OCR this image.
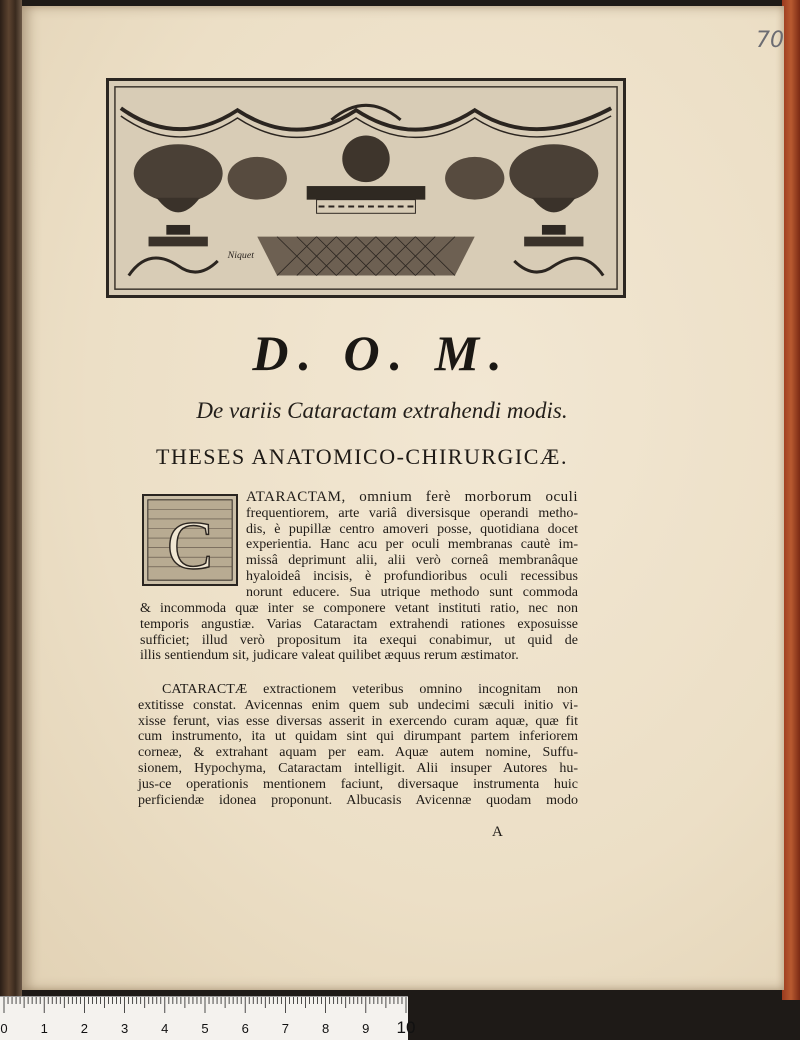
70
Niquet
D. O. M.
De variis Cataractam extrahendi modis.
THESES ANATOMICO-CHIRURGICÆ.
C
ATARACTAM, omnium ferè morborum oculi
frequentiorem, arte variâ diversisque operandi metho-
dis, è pupillæ centro amoveri posse, quotidiana docet
experientia. Hanc acu per oculi membranas cautè im-
missâ deprimunt alii, alii verò corneâ membranâque
hyaloideâ incisis, è profundioribus oculi recessibus
norunt educere. Sua utrique methodo sunt commoda
& incommoda quæ inter se componere vetant instituti ratio, nec non
temporis angustiæ. Varias Cataractam extrahendi rationes exposuisse
sufficiet; illud verò propositum ita exequi conabimur, ut quid de
illis sentiendum sit, judicare valeat quilibet æquus rerum æstimator.
CATARACTÆ extractionem veteribus omnino incognitam non
extitisse constat. Avicennas enim quem sub undecimi sæculi initio vi-
xisse ferunt, vias esse diversas asserit in exercendo curam aquæ, quæ fit
cum instrumento, ita ut quidam sint qui dirumpant partem inferiorem
corneæ, & extrahant aquam per eam. Aquæ autem nomine, Suffu-
sionem, Hypochyma, Cataractam intelligit. Alii insuper Autores hu-
jus-ce operationis mentionem faciunt, diversaque instrumenta huic
perficiendæ idonea proponunt. Albucasis Avicennæ quodam modo
A
0	1	2	3	4	5	6	7	8	9 10
